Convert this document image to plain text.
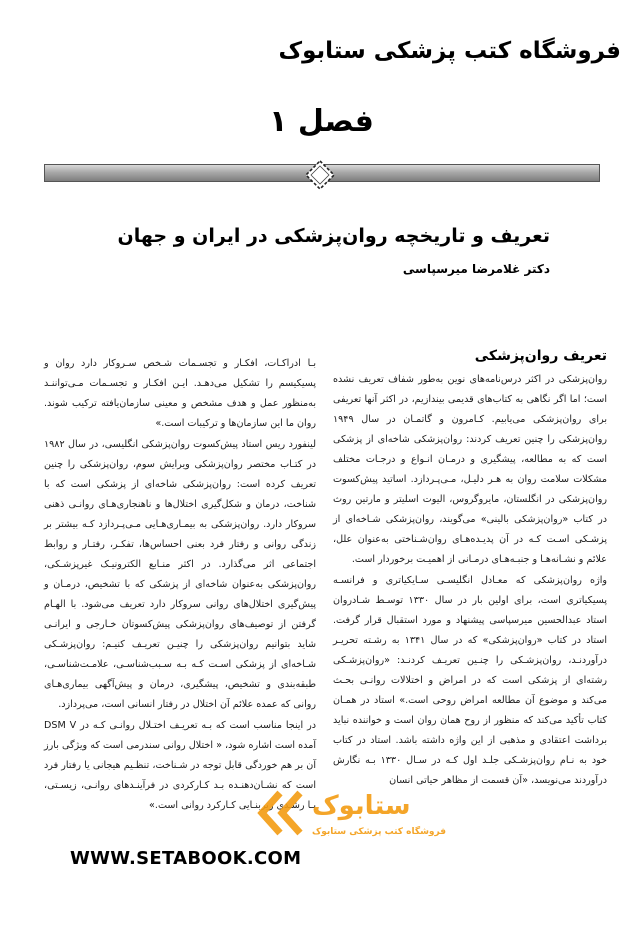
فروشگاه کتب پزشکی ستابوک
فصل ۱
تعریف و تاریخچه روان‌پزشکی در ایران و جهان
دکتر غلامرضا میرسپاسی
تعریف روان‌پزشکی

روان‌پزشکی در اکثر درس‌نامه‌های نوین به‌طور شفاف تعریف نشده است؛ اما اگر نگاهی به کتاب‌های قدیمی بیندازیم، در اکثر آنها تعریفی برای روان‌پزشکی می‌یابیم. کـامرون و گاتمـان در سال ۱۹۴۹ روان‌پزشکی را چنین تعریف کردند: روان‌پزشکی شاخه‌ای از پزشکی است که به مطالعه، پیشگیری و درمـان انـواع و درجـات مختلف مشکلات سلامت روان به هـر دلیـل، مـی‌پـردازد. اساتید پیش‌کسوت روان‌پزشکی در انگلستان، مایروگروس، الیوت اسلیتر و مارتین روث در کتاب «روان‌پزشکی بالینی» می‌گویند، روان‌پزشکی شـاخه‌ای از پزشـکی اسـت کـه در آن پدیـده‌هـای روان‌شـناختی به‌عنوان علل، علائم و نشـانه‌هـا و جنبـه‌هـای درمـانی از اهمیـت برخوردار است.

واژه روان‌پزشکی که معـادل انگلیسـی سـایکیاتری و فرانسـه پسیکیاتری است، برای اولین بار در سال ۱۳۳۰ توسـط شـادروان استاد عبدالحسین میرسپاسی پیشنهاد و مورد استقبال قرار گرفت. استاد در کتاب «روان‌پزشکی» که در سال ۱۳۴۱ به رشـته تحریـر درآوردنـد، روان‌پزشـکی را چنـین تعریـف کردنـد: «روان‌پزشـکی رشته‌ای از پزشکی است که در امراض و اختلالات روانـی بحـث می‌کند و موضوع آن مطالعه امراض روحی است.» استاد در همـان کتاب تأکید می‌کند که منظور از روح همان روان است و خواننده نباید برداشت اعتقادی و مذهبی از این واژه داشته باشد. استاد در کتاب خود به نـام روان‌پزشـکی جلـد اول کـه در سـال ۱۳۳۰ بـه نگارش درآوردند می‌نویسد، «آن قسمت از مظاهر حیاتی انسان

بـا ادراکـات، افکـار و تجسـمات شـخص سـروکار دارد روان و پسیکیسم را تشکیل می‌دهـد. ایـن افکـار و تجسـمات مـی‌تواننـد به‌منظور عمل و هدف مشخص و معینی سازمان‌یافته ترکیب شوند. روان ما این سازمان‌ها و ترکیبات است.»

لینفورد ریس استاد پیش‌کسوت روان‌پزشکی انگلیسی، در سال ۱۹۸۲ در کتـاب مختصر روان‌پزشکی ویرایش سوم، روان‌پزشکی را چنین تعریف کرده است: روان‌پزشکی شاخه‌ای از پزشکی است که با شناخت، درمان و شکل‌گیری اختلال‌ها و ناهنجاری‌هـای روانـی ذهنی سروکار دارد. روان‌پزشکی به بیمـاری‌هـایی مـی‌پـردازد کـه بیشتر بر زندگی روانی و رفتار فرد بعنی احساس‌ها، تفکـر، رفتـار و روابط اجتماعی اثر می‌گذارد. در اکثر منـابع الکترونیـک غیرپزشـکی، روان‌پزشکی به‌عنوان شاخه‌ای از پزشکی که با تشخیص، درمـان و پیش‌گیری اختلال‌های روانی سروکار دارد تعریف می‌شود. با الهـام گرفتن از توصیف‌های روان‌پزشکی پیش‌کسوتان خـارجی و ایرانـی شاید بتوانیم روان‌پزشکی را چنیـن تعریـف کنیـم: روان‌پزشـکی شـاخه‌ای از پزشکی اسـت کـه بـه سـبب‌شناسـی، علامـت‌شناسـی، طبقه‌بندی و تشخیص، پیشگیری، درمان و پیش‌آگهی بیماری‌هـای روانی که عمده علائم آن اختلال در رفتار انسانی است، می‌پردازد.

در اینجا مناسب است که بـه تعریـف اختـلال روانـی کـه در DSM V آمده است اشاره شود، « اختلال روانی سندرمی است که ویژگی بارز آن بر هم خوردگی قابل توجه در شـناخت، تنظـیم هیجانی یا رفتار فرد است که نشـان‌دهنـده بـد کـارکردی در فرآینـدهای روانـی، زیسـتی، یـا رشـدی زیربنـایی کـارکرد روانی است.»

ستابوک
فروشگاه کتب پزشکی ستابوک
WWW.SETABOOK.COM
